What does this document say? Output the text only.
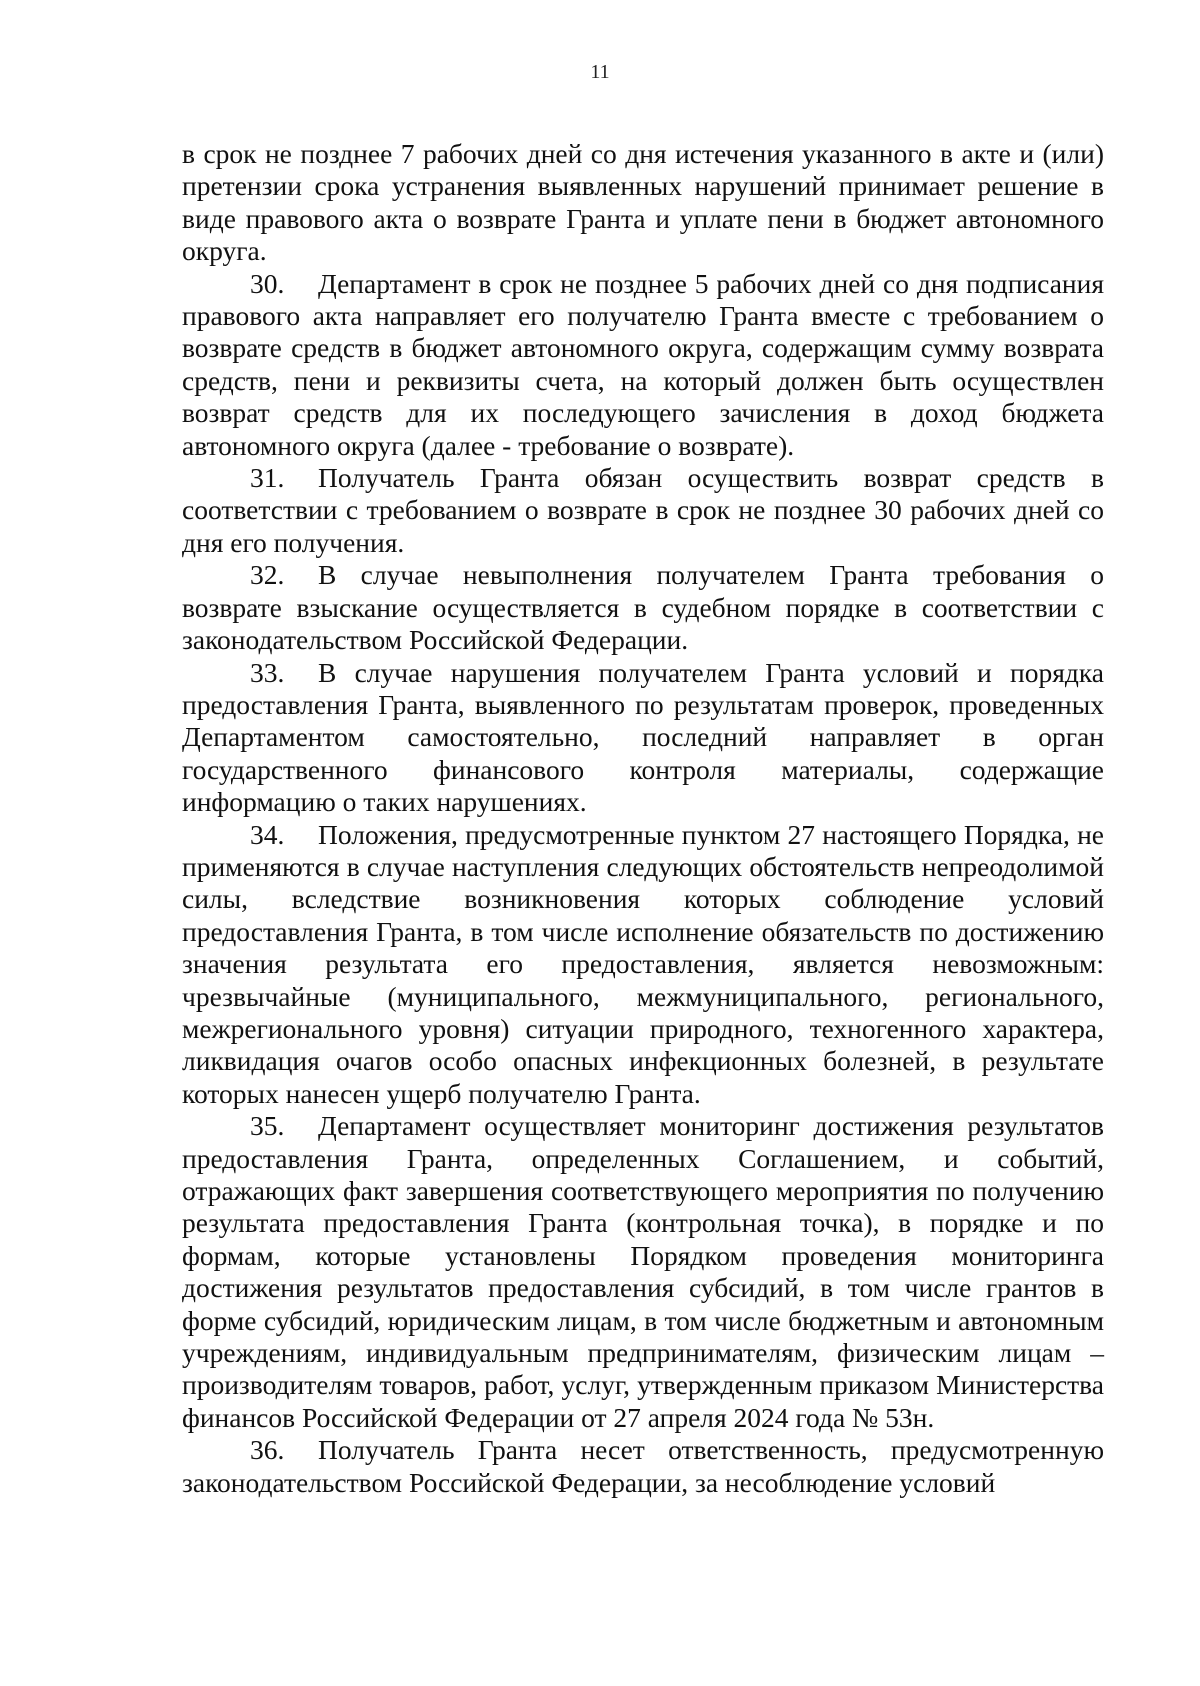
11

в срок не позднее 7 рабочих дней со дня истечения указанного в акте и (или) претензии срока устранения выявленных нарушений принимает решение в виде правового акта о возврате Гранта и уплате пени в бюджет автономного округа.

30. Департамент в срок не позднее 5 рабочих дней со дня подписания правового акта направляет его получателю Гранта вместе с требованием о возврате средств в бюджет автономного округа, содержащим сумму возврата средств, пени и реквизиты счета, на который должен быть осуществлен возврат средств для их последующего зачисления в доход бюджета автономного округа (далее - требование о возврате).

31. Получатель Гранта обязан осуществить возврат средств в соответствии с требованием о возврате в срок не позднее 30 рабочих дней со дня его получения.

32. В случае невыполнения получателем Гранта требования о возврате взыскание осуществляется в судебном порядке в соответствии с законодательством Российской Федерации.

33. В случае нарушения получателем Гранта условий и порядка предоставления Гранта, выявленного по результатам проверок, проведенных Департаментом самостоятельно, последний направляет в орган государственного финансового контроля материалы, содержащие информацию о таких нарушениях.

34. Положения, предусмотренные пунктом 27 настоящего Порядка, не применяются в случае наступления следующих обстоятельств непреодолимой силы, вследствие возникновения которых соблюдение условий предоставления Гранта, в том числе исполнение обязательств по достижению значения результата его предоставления, является невозможным: чрезвычайные (муниципального, межмуниципального, регионального, межрегионального уровня) ситуации природного, техногенного характера, ликвидация очагов особо опасных инфекционных болезней, в результате которых нанесен ущерб получателю Гранта.

35. Департамент осуществляет мониторинг достижения результатов предоставления Гранта, определенных Соглашением, и событий, отражающих факт завершения соответствующего мероприятия по получению результата предоставления Гранта (контрольная точка), в порядке и по формам, которые установлены Порядком проведения мониторинга достижения результатов предоставления субсидий, в том числе грантов в форме субсидий, юридическим лицам, в том числе бюджетным и автономным учреждениям, индивидуальным предпринимателям, физическим лицам – производителям товаров, работ, услуг, утвержденным приказом Министерства финансов Российской Федерации от 27 апреля 2024 года № 53н.

36. Получатель Гранта несет ответственность, предусмотренную законодательством Российской Федерации, за несоблюдение условий
